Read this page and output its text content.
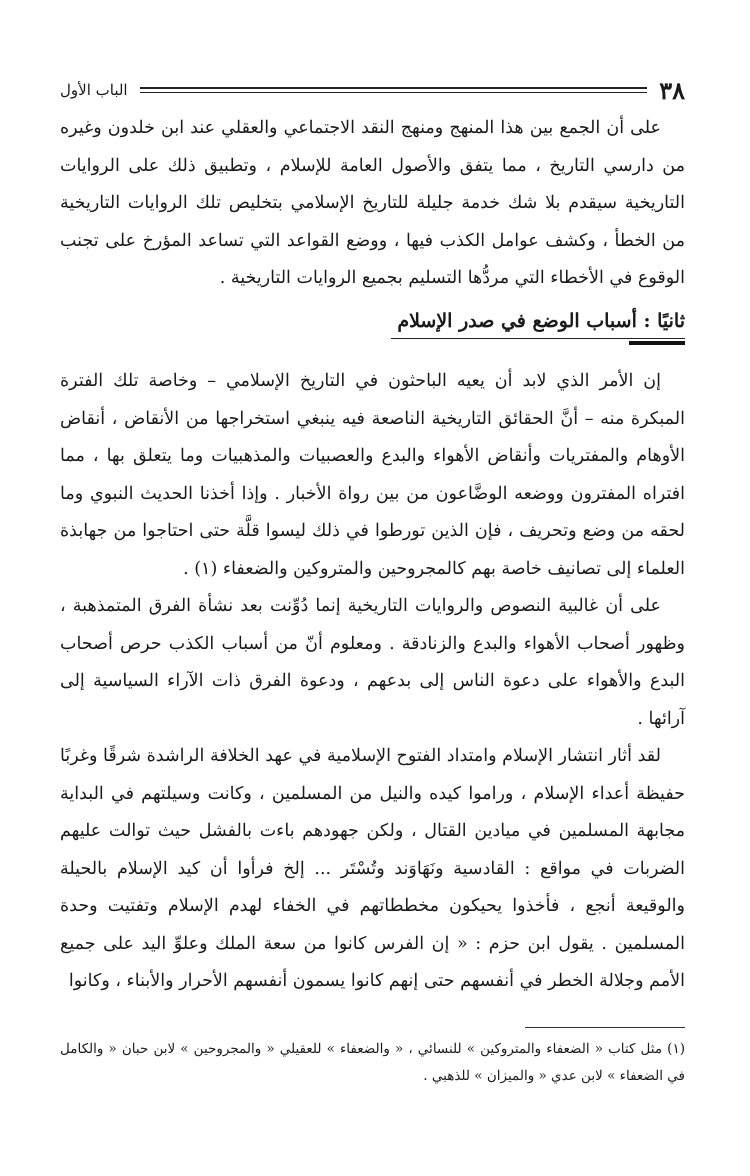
٣٨
الباب الأول

على أن الجمع بين هذا المنهج ومنهج النقد الاجتماعي والعقلي عند ابن خلدون وغيره من دارسي التاريخ ، مما يتفق والأصول العامة للإسلام ، وتطبيق ذلك على الروايات التاريخية سيقدم بلا شك خدمة جليلة للتاريخ الإسلامي بتخليص تلك الروايات التاريخية من الخطأ ، وكشف عوامل الكذب فيها ، ووضع القواعد التي تساعد المؤرخ على تجنب الوقوع في الأخطاء التي مردُّها التسليم بجميع الروايات التاريخية .

ثانيًا : أسباب الوضع في صدر الإسلام

إن الأمر الذي لابد أن يعيه الباحثون في التاريخ الإسلامي – وخاصة تلك الفترة المبكرة منه – أنَّ الحقائق التاريخية الناصعة فيه ينبغي استخراجها من الأنقاض ، أنقاض الأوهام والمفتريات وأنقاض الأهواء والبدع والعصبيات والمذهبيات وما يتعلق بها ، مما افتراه المفترون ووضعه الوضَّاعون من بين رواة الأخبار . وإذا أخذنا الحديث النبوي وما لحقه من وضع وتحريف ، فإن الذين تورطوا في ذلك ليسوا قلَّة حتى احتاجوا من جهابذة العلماء إلى تصانيف خاصة بهم كالمجروحين والمتروكين والضعفاء (١) .

على أن غالبية النصوص والروايات التاريخية إنما دُوِّنت بعد نشأة الفرق المتمذهبة ، وظهور أصحاب الأهواء والبدع والزنادقة . ومعلوم أنّ من أسباب الكذب حرص أصحاب البدع والأهواء على دعوة الناس إلى بدعهم ، ودعوة الفرق ذات الآراء السياسية إلى آرائها .

لقد أثار انتشار الإسلام وامتداد الفتوح الإسلامية في عهد الخلافة الراشدة شرقًا وغربًا حفيظة أعداء الإسلام ، وراموا كيده والنيل من المسلمين ، وكانت وسيلتهم في البداية مجابهة المسلمين في ميادين القتال ، ولكن جهودهم باءت بالفشل حيث توالت عليهم الضربات في مواقع : القادسية ونَهَاوَند وتُسْتَر ... إلخ فرأوا أن كيد الإسلام بالحيلة والوقيعة أنجع ، فأخذوا يحيكون مخططاتهم في الخفاء لهدم الإسلام وتفتيت وحدة المسلمين . يقول ابن حزم : « إن الفرس كانوا من سعة الملك وعلوِّ اليد على جميع الأمم وجلالة الخطر في أنفسهم حتى إنهم كانوا يسمون أنفسهم الأحرار والأبناء ، وكانوا

(١) مثل كتاب « الضعفاء والمتروكين » للنسائي ، « والضعفاء » للعقيلي « والمجروحين » لابن حبان « والكامل في الضعفاء » لابن عدي « والميزان » للذهبي .
